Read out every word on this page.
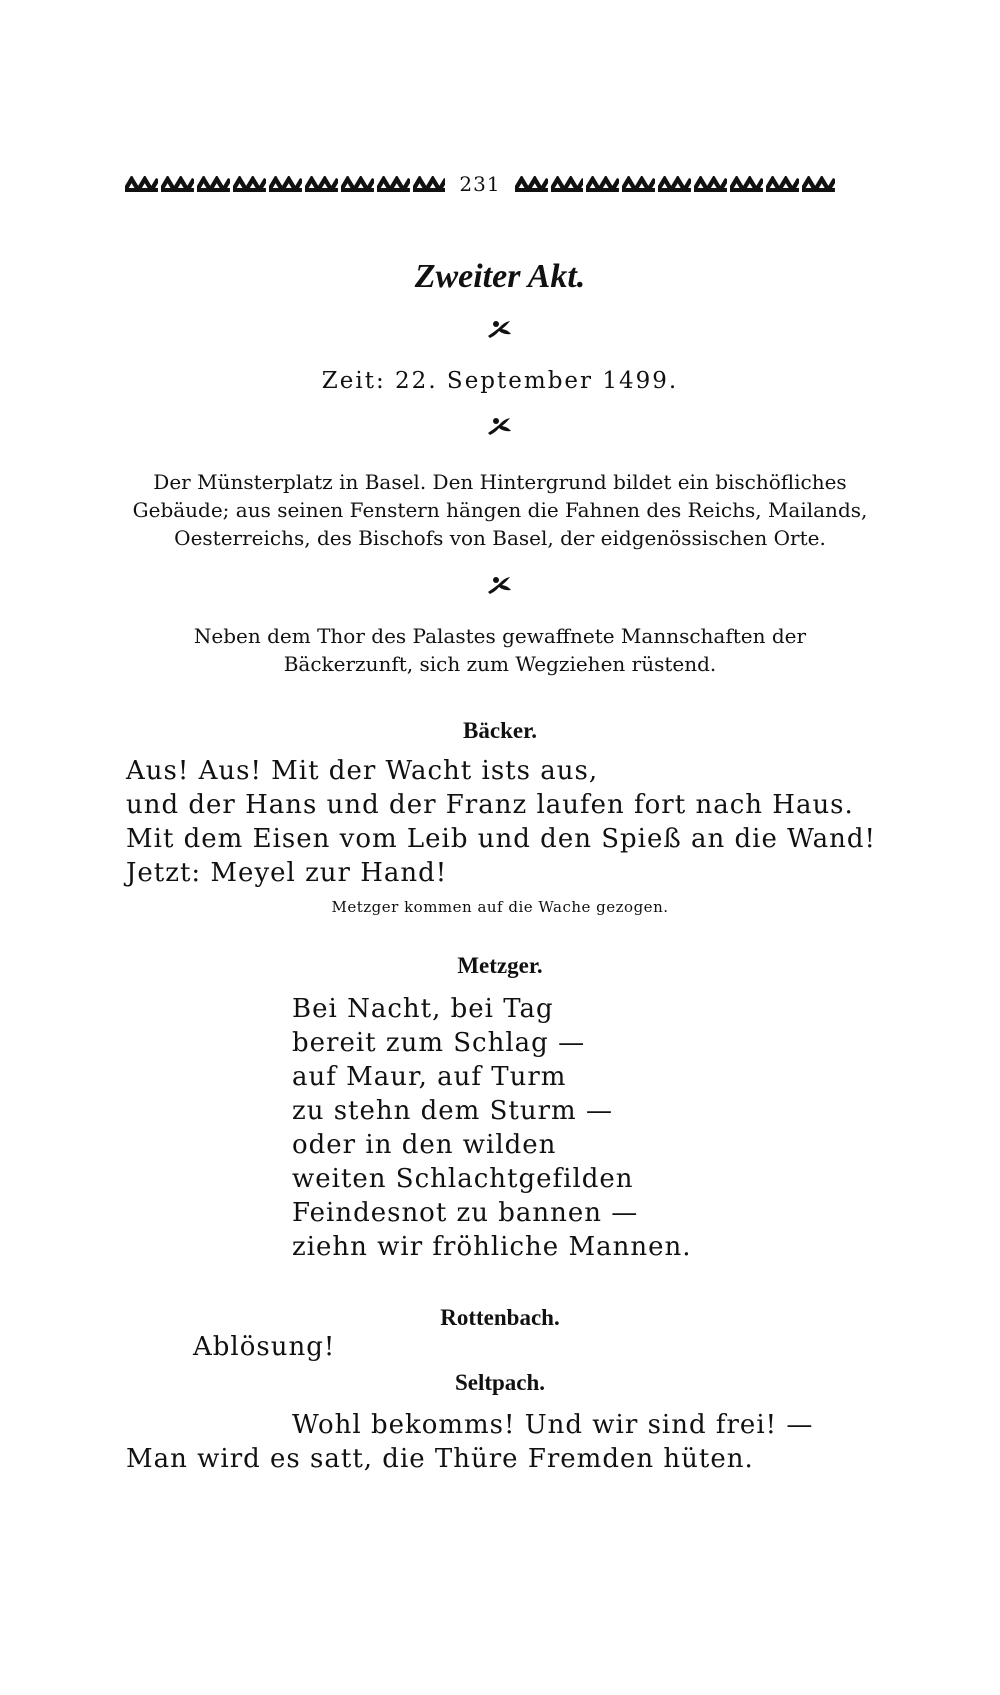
231
Zweiter Akt.
Zeit: 22. September 1499.
Der Münsterplatz in Basel. Den Hintergrund bildet ein bischöfliches
Gebäude; aus seinen Fenstern hängen die Fahnen des Reichs, Mailands,
Oesterreichs, des Bischofs von Basel, der eidgenössischen Orte.
Neben dem Thor des Palastes gewaffnete Mannschaften der
Bäckerzunft, sich zum Wegziehen rüstend.
Bäcker.
Aus! Aus! Mit der Wacht ists aus,
und der Hans und der Franz laufen fort nach Haus.
Mit dem Eisen vom Leib und den Spieß an die Wand!
Jetzt: Meyel zur Hand!
Metzger kommen auf die Wache gezogen.
Metzger.
Bei Nacht, bei Tag
bereit zum Schlag —
auf Maur, auf Turm
zu stehn dem Sturm —
oder in den wilden
weiten Schlachtgefilden
Feindesnot zu bannen —
ziehn wir fröhliche Mannen.
Rottenbach.
Ablösung!
Seltpach.
Wohl bekomms! Und wir sind frei! —
Man wird es satt, die Thüre Fremden hüten.
